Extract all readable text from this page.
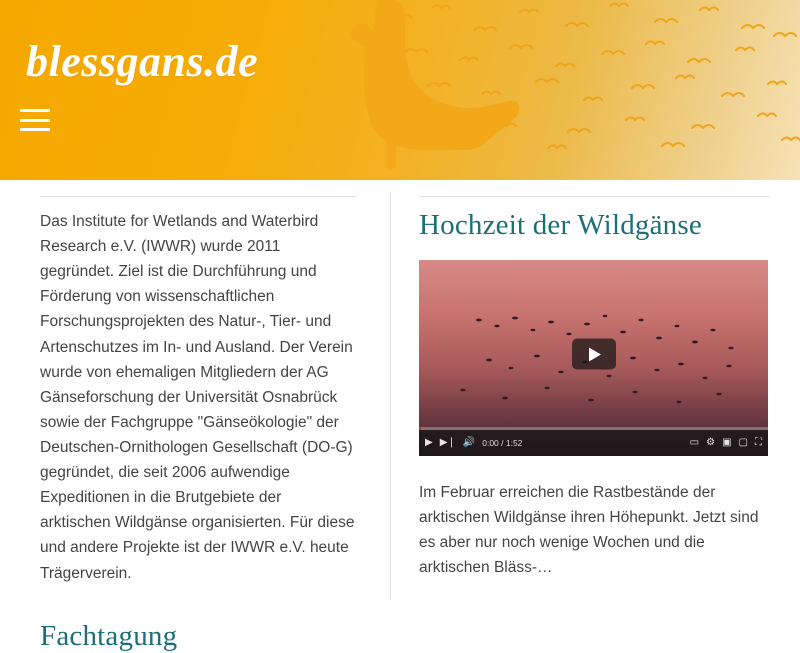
blessgans.de

Das Institute for Wetlands and Waterbird Research e.V. (IWWR) wurde 2011 gegründet. Ziel ist die Durchführung und Förderung von wissenschaftlichen Forschungsprojekten des Natur-, Tier- und Artenschutzes im In- und Ausland. Der Verein wurde von ehemaligen Mitgliedern der AG Gänseforschung der Universität Osnabrück sowie der Fachgruppe "Gänseökologie" der Deutschen-Ornithologen Gesellschaft (DO-G) gegründet, die seit 2006 aufwendige Expeditionen in die Brutgebiete der arktischen Wildgänse organisierten. Für diese und andere Projekte ist der IWWR e.V. heute Trägerverein.

Fachtagung
Hochzeit der Wildgänse
▶ ▶❘ 🔊 0:00 / 1:52	▭ ⚙ ▣ ▢ ⛶

Im Februar erreichen die Rastbestände der arktischen Wildgänse ihren Höhepunkt. Jetzt sind es aber nur noch wenige Wochen und die arktischen Bläss-…
